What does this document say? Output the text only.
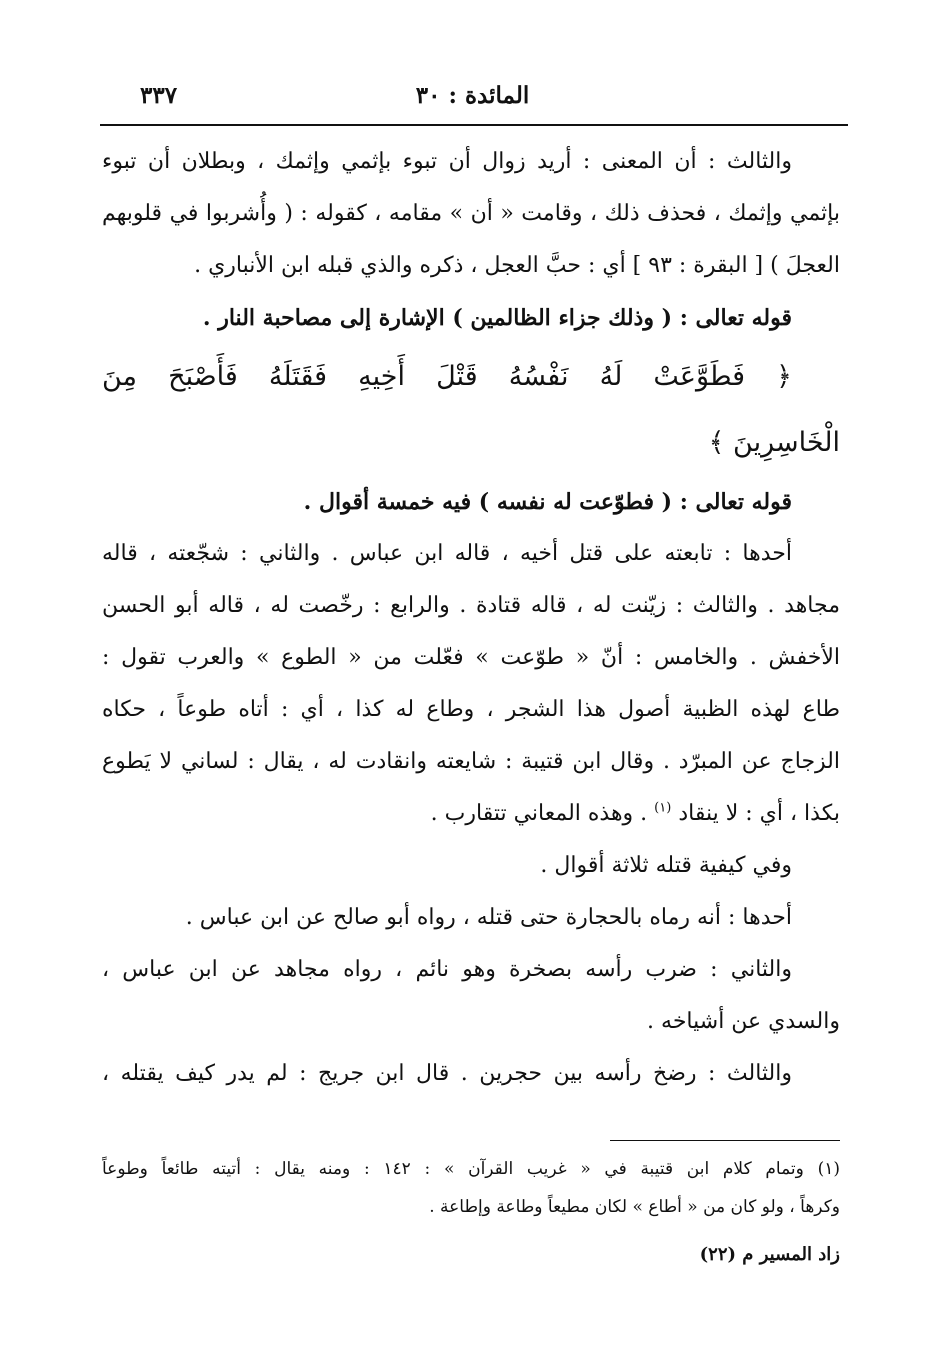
المائدة : ٣٠
٣٣٧
والثالث : أن المعنى : أريد زوال أن تبوء بإثمي وإثمك ، وبطلان أن تبوء
بإثمي وإثمك ، فحذف ذلك ، وقامت « أن » مقامه ، كقوله : ( وأُشربوا في قلوبهم
العجلَ ) [ البقرة : ٩٣ ] أي : حبَّ العجل ، ذكره والذي قبله ابن الأنباري .
قوله تعالى : ( وذلك جزاء الظالمين ) الإشارة إلى مصاحبة النار .
﴿ فَطَوَّعَتْ لَهُ نَفْسُهُ قَتْلَ أَخِيهِ فَقَتَلَهُ فَأَصْبَحَ مِنَ
الْخَاسِرِينَ ﴾
قوله تعالى : ( فطوّعت له نفسه ) فيه خمسة أقوال .
أحدها : تابعته على قتل أخيه ، قاله ابن عباس . والثاني : شجّعته ، قاله
مجاهد . والثالث : زيّنت له ، قاله قتادة . والرابع : رخّصت له ، قاله أبو الحسن
الأخفش . والخامس : أنّ « طوّعت » فعّلت من « الطوع » والعرب تقول :
طاع لهذه الظبية أصول هذا الشجر ، وطاع له كذا ، أي : أتاه طوعاً ، حكاه
الزجاج عن المبرّد . وقال ابن قتيبة : شايعته وانقادت له ، يقال : لساني لا يَطوع
بكذا ، أي : لا ينقاد $^{(١)}$ . وهذه المعاني تتقارب .
وفي كيفية قتله ثلاثة أقوال .
أحدها : أنه رماه بالحجارة حتى قتله ، رواه أبو صالح عن ابن عباس .
والثاني : ضرب رأسه بصخرة وهو نائم ، رواه مجاهد عن ابن عباس ،
والسدي عن أشياخه .
والثالث : رضخ رأسه بين حجرين . قال ابن جريج : لم يدر كيف يقتله ،
(١) وتمام كلام ابن قتيبة في « غريب القرآن » : ١٤٢ : ومنه يقال : أتيته طائعاً وطوعاً
وكرهاً ، ولو كان من « أطاع » لكان مطيعاً وطاعة وإطاعة .
زاد المسير م (٢٢)
